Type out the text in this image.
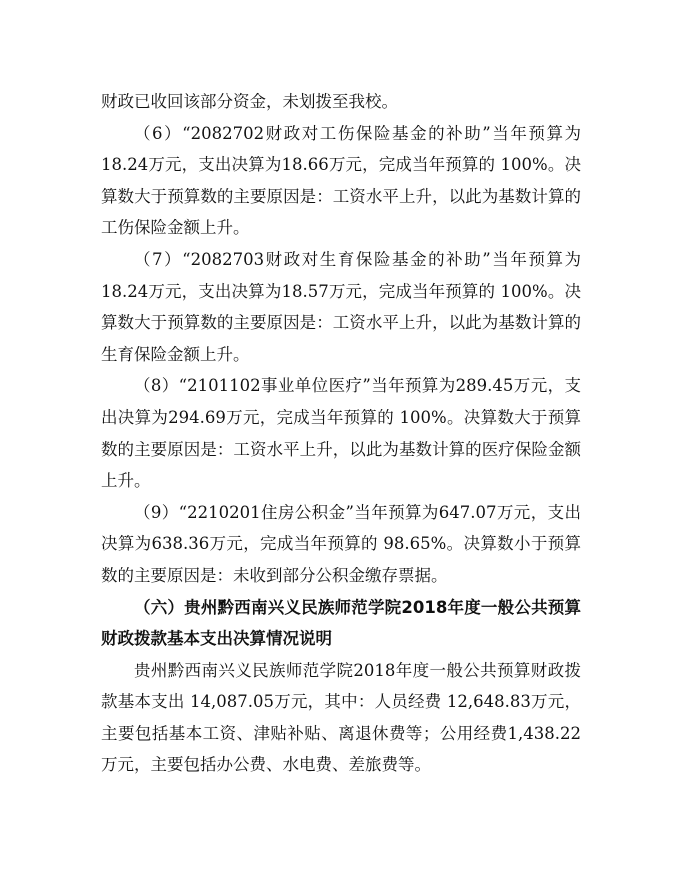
财政已收回该部分资金，未划拨至我校。

（6）“2082702财政对工伤保险基金的补助”当年预算为18.24万元，支出决算为18.66万元，完成当年预算的 100%。决算数大于预算数的主要原因是：工资水平上升，以此为基数计算的工伤保险金额上升。

（7）“2082703财政对生育保险基金的补助”当年预算为18.24万元，支出决算为18.57万元，完成当年预算的 100%。决算数大于预算数的主要原因是：工资水平上升，以此为基数计算的生育保险金额上升。

（8）“2101102事业单位医疗”当年预算为289.45万元，支出决算为294.69万元，完成当年预算的 100%。决算数大于预算数的主要原因是：工资水平上升，以此为基数计算的医疗保险金额上升。

（9）“2210201住房公积金”当年预算为647.07万元，支出决算为638.36万元，完成当年预算的 98.65%。决算数小于预算数的主要原因是：未收到部分公积金缴存票据。

（六）贵州黔西南兴义民族师范学院2018年度一般公共预算财政拨款基本支出决算情况说明

贵州黔西南兴义民族师范学院2018年度一般公共预算财政拨款基本支出 14,087.05万元，其中：人员经费 12,648.83万元，主要包括基本工资、津贴补贴、离退休费等；公用经费1,438.22万元，主要包括办公费、水电费、差旅费等。
